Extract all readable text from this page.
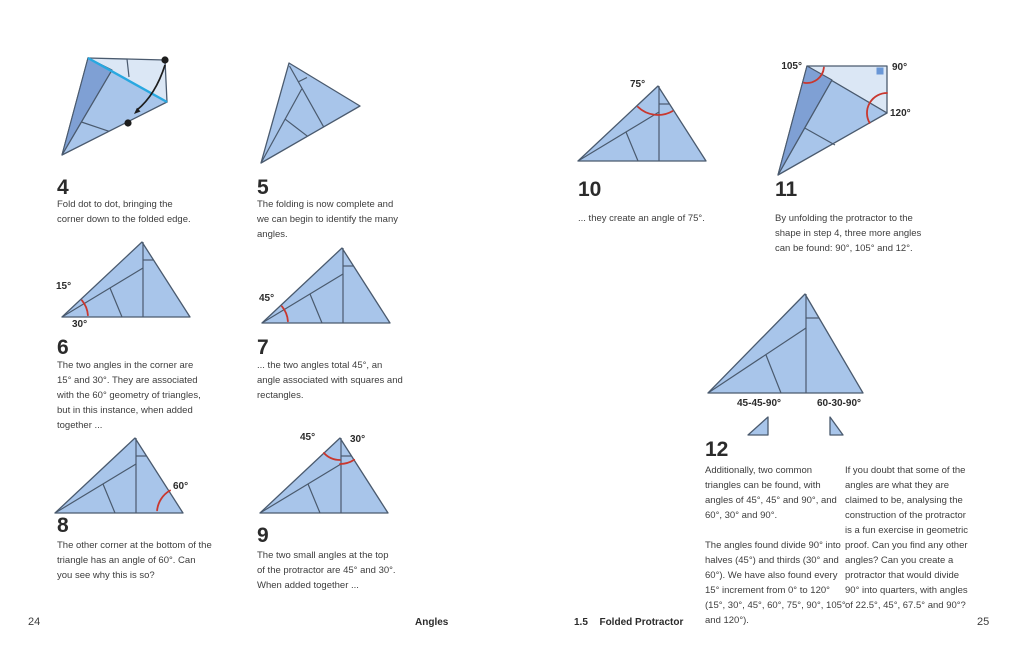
4
Fold dot to dot, bringing the corner down to the folded edge.
5
The folding is now complete and we can begin to identify the many angles.
15°
30°
6
The two angles in the corner are 15° and 30°. They are associated with the 60° geometry of triangles, but in this instance, when added together ...
45°
7
... the two angles total 45°, an angle associated with squares and rectangles.
60°
8
The other corner at the bottom of the triangle has an angle of 60°. Can you see why this is so?
45°	30°
9
The two small angles at the top of the protractor are 45° and 30°. When added together ...
75°
10
... they create an angle of 75°.
105°	90°
120°
11
By unfolding the protractor to the shape in step 4, three more angles can be found: 90°, 105° and 12°.
45-45-90°	60-30-90°
12
Additionally, two common triangles can be found, with angles of 45°, 45° and 90°, and 60°, 30° and 90°.
The angles found divide 90° into halves (45°) and thirds (30° and 60°). We have also found every 15° increment from 0° to 120° (15°, 30°, 45°, 60°, 75°, 90°, 105° and 120°).
If you doubt that some of the angles are what they are claimed to be, analysing the construction of the protractor is a fun exercise in geometric proof. Can you find any other angles? Can you create a protractor that would divide 90° into quarters, with angles of 22.5°, 45°, 67.5° and 90°?
24	Angles	1.5 Folded Protractor	25
